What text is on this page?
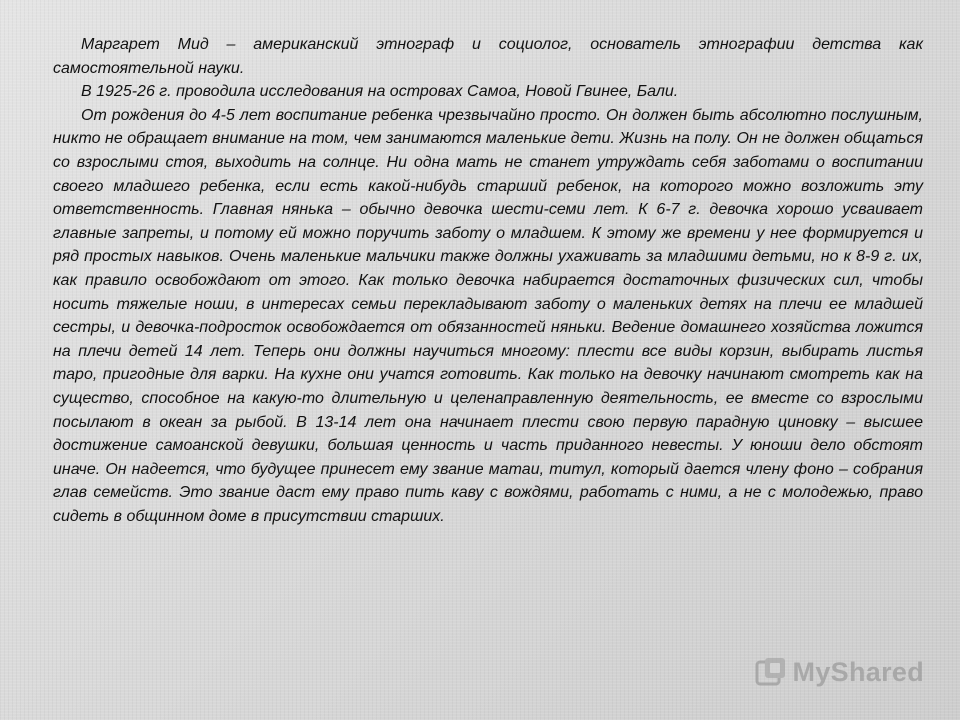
Маргарет Мид – американский этнограф и социолог, основатель этнографии детства как самостоятельной науки.

В 1925-26 г. проводила исследования на островах Самоа, Новой Гвинее, Бали.

От рождения до 4-5 лет воспитание ребенка чрезвычайно просто. Он должен быть абсолютно послушным, никто не обращает внимание на том, чем занимаются маленькие дети. Жизнь на полу. Он не должен общаться со взрослыми стоя, выходить на солнце. Ни одна мать не станет утруждать себя заботами о воспитании своего младшего ребенка, если есть какой-нибудь старший ребенок, на которого можно возложить эту ответственность. Главная нянька – обычно девочка шести-семи лет. К 6-7 г. девочка хорошо усваивает главные запреты, и потому ей можно поручить заботу о младшем. К этому же времени у нее формируется и ряд простых навыков. Очень маленькие мальчики также должны ухаживать за младшими детьми, но к 8-9 г. их, как правило освобождают от этого. Как только девочка набирается достаточных физических сил, чтобы носить тяжелые ноши, в интересах семьи перекладывают заботу о маленьких детях на плечи ее младшей сестры, и девочка-подросток освобождается от обязанностей няньки. Ведение домашнего хозяйства ложится на плечи детей 14 лет. Теперь они должны научиться многому: плести все виды корзин, выбирать листья таро, пригодные для варки. На кухне они учатся готовить. Как только на девочку начинают смотреть как на существо, способное на какую-то длительную и целенаправленную деятельность, ее вместе со взрослыми посылают в океан за рыбой. В 13-14 лет она начинает плести свою первую парадную циновку – высшее достижение самоанской девушки, большая ценность и часть приданного невесты. У юноши дело обстоят иначе. Он надеется, что будущее принесет ему звание матаи, титул, который дается члену фоно – собрания глав семейств. Это звание даст ему право пить каву с вождями, работать с ними, а не с молодежью, право сидеть в общинном доме в присутствии старших.

MyShared
